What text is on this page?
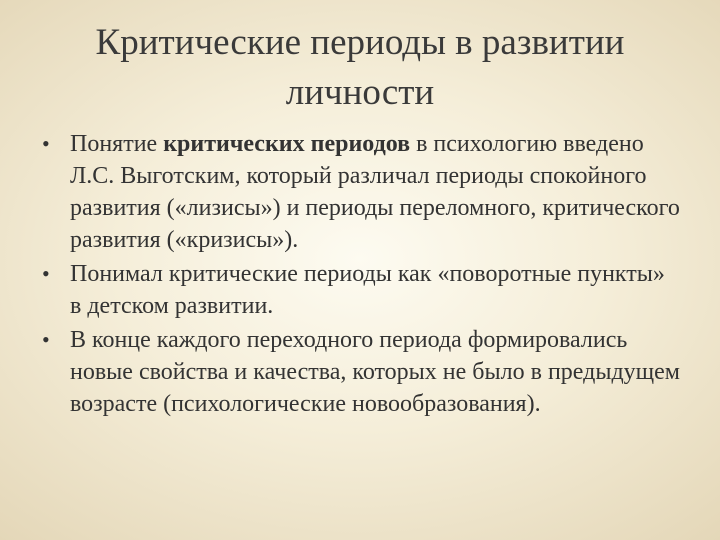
Критические периоды в развитии
личности
• Понятие критических периодов в психологию введено Л.С. Выготским, который различал периоды спокойного развития («лизисы») и периоды переломного, критического развития («кризисы»).
• Понимал критические периоды как «поворотные пункты» в детском развитии.
• В конце каждого переходного периода формировались новые свойства и качества, которых не было в предыдущем возрасте (психологические новообразования).
